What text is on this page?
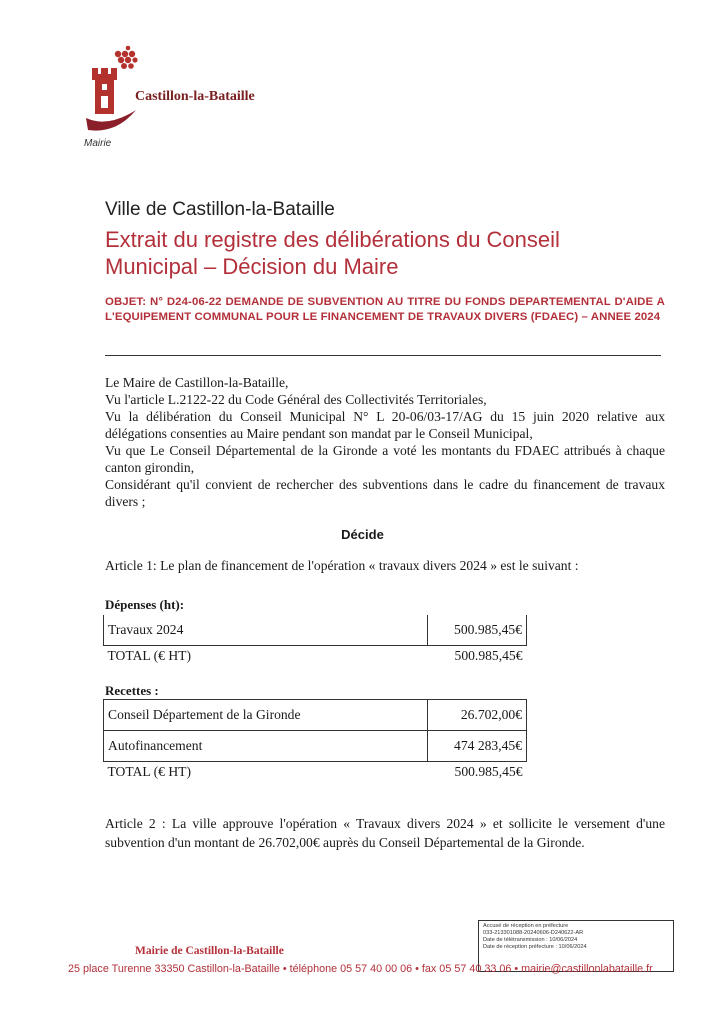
Castillon-la-Bataille
Mairie
Ville de Castillon-la-Bataille
Extrait du registre des délibérations du Conseil
Municipal – Décision du Maire
OBJET: N° D24-06-22 DEMANDE DE SUBVENTION AU TITRE DU FONDS DEPARTEMENTAL D'AIDE A L'EQUIPEMENT COMMUNAL POUR LE FINANCEMENT DE TRAVAUX DIVERS (FDAEC) – ANNEE 2024

Le Maire de Castillon-la-Bataille,

Vu l'article L.2122-22 du Code Général des Collectivités Territoriales,

Vu la délibération du Conseil Municipal N° L 20-06/03-17/AG du 15 juin 2020 relative aux délégations consenties au Maire pendant son mandat par le Conseil Municipal,

Vu que Le Conseil Départemental de la Gironde a voté les montants du FDAEC attribués à chaque canton girondin,

Considérant qu'il convient de rechercher des subventions dans le cadre du financement de travaux divers ;

Décide
Article 1: Le plan de financement de l'opération « travaux divers 2024 » est le suivant :
Dépenses (ht):
Travaux 2024	500.985,45€
TOTAL (€ HT)	500.985,45€
Recettes :
Conseil Département de la Gironde	26.702,00€
Autofinancement	474 283,45€
TOTAL (€ HT)	500.985,45€
Article 2 : La ville approuve l'opération « Travaux divers 2024 » et sollicite le versement d'une subvention d'un montant de 26.702,00€ auprès du Conseil Départemental de la Gironde.
Accusé de réception en préfecture
033-213301088-20240606-D240622-AR
Date de télétransmission : 10/06/2024
Date de réception préfecture : 10/06/2024
Mairie de Castillon-la-Bataille
25 place Turenne 33350 Castillon-la-Bataille • téléphone 05 57 40 00 06 • fax 05 57 40 33 06 • mairie@castillonlabataille.fr
